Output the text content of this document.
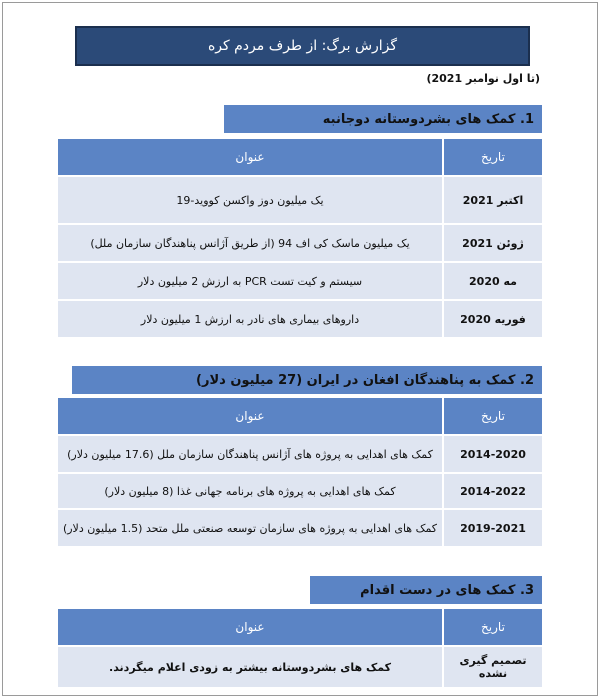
گزارش برگ: از طرف مردم کره
(تا اول نوامبر 2021)
1. کمک های بشردوستانه دوجانبه
تاریخ	عنوان
اکتبر 2021	یک میلیون دوز واکسن کووید-19
ژوئن 2021	یک میلیون ماسک کی اف 94 (از طریق آژانس پناهندگان سازمان ملل)
مه 2020	سیستم و کیت تست PCR به ارزش 2 میلیون دلار
فوریه 2020	داروهای بیماری های نادر به ارزش 1 میلیون دلار
2. کمک به پناهندگان افغان در ایران (27 میلیون دلار)
تاریخ	عنوان
2014-2020	کمک های اهدایی به پروژه های آژانس پناهندگان سازمان ملل (17.6 میلیون دلار)
2014-2022	کمک های اهدایی به پروژه های برنامه جهانی غذا (8 میلیون دلار)
2019-2021	کمک های اهدایی به پروژه های سازمان توسعه صنعتی ملل متحد (1.5 میلیون دلار)
3. کمک های در دست اقدام
تاریخ	عنوان
تصمیم گیری نشده	کمک های بشردوستانه بیشتر به زودی اعلام میگردند.
